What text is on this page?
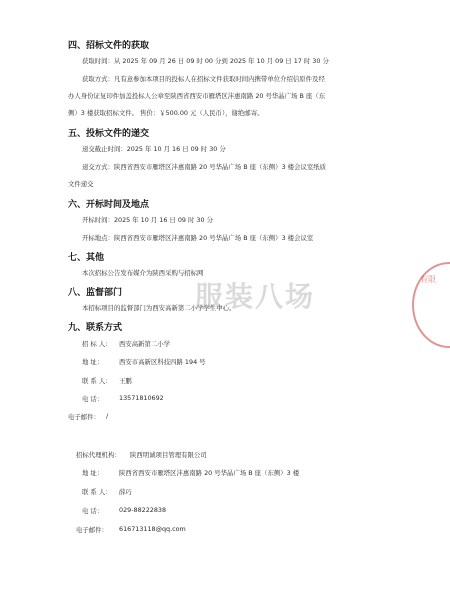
四、招标文件的获取
获取时间：从 2025 年 09 月 26 日 09 时 00 分到 2025 年 10 月 09 日 17 时 30 分
获取方式：凡有意参加本项目的投标人在招标文件获取时间内携带单位介绍信原件及经
办人身份证复印件加盖投标人公章至陕西省西安市雁塔区沣惠南路 20 号华晶广场 B 座（东
侧）3 楼获取招标文件。 售价：￥500.00 元（人民币），谢绝邮寄。
五、投标文件的递交
递交截止时间：2025 年 10 月 16 日 09 时 30 分
递交方式：陕西省西安市雁塔区沣惠南路 20 号华晶广场 B 座（东侧）3 楼会议室纸质
文件递交
六、开标时间及地点
开标时间：2025 年 10 月 16 日 09 时 30 分
开标地点：陕西省西安市雁塔区沣惠南路 20 号华晶广场 B 座（东侧）3 楼会议室
七、其他
本次招标公告发布媒介为陕西采购与招标网
八、监督部门
本招标项目的监督部门为西安高新第二小学学生中心。
九、联系方式
招 标 人： 西安高新第二小学
地 址： 西安市高新区科技四路 194 号
联 系 人： 王鹏
电 话： 13571810692
电子邮件： /
招标代理机构： 陕西明诚项目管理有限公司
地 址： 陕西省西安市雁塔区沣惠南路 20 号华晶广场 B 座（东侧）3 楼
联 系 人： 薛巧
电 话： 029-88222838
电子邮件： 616713118@qq.com
服装八场
有限
